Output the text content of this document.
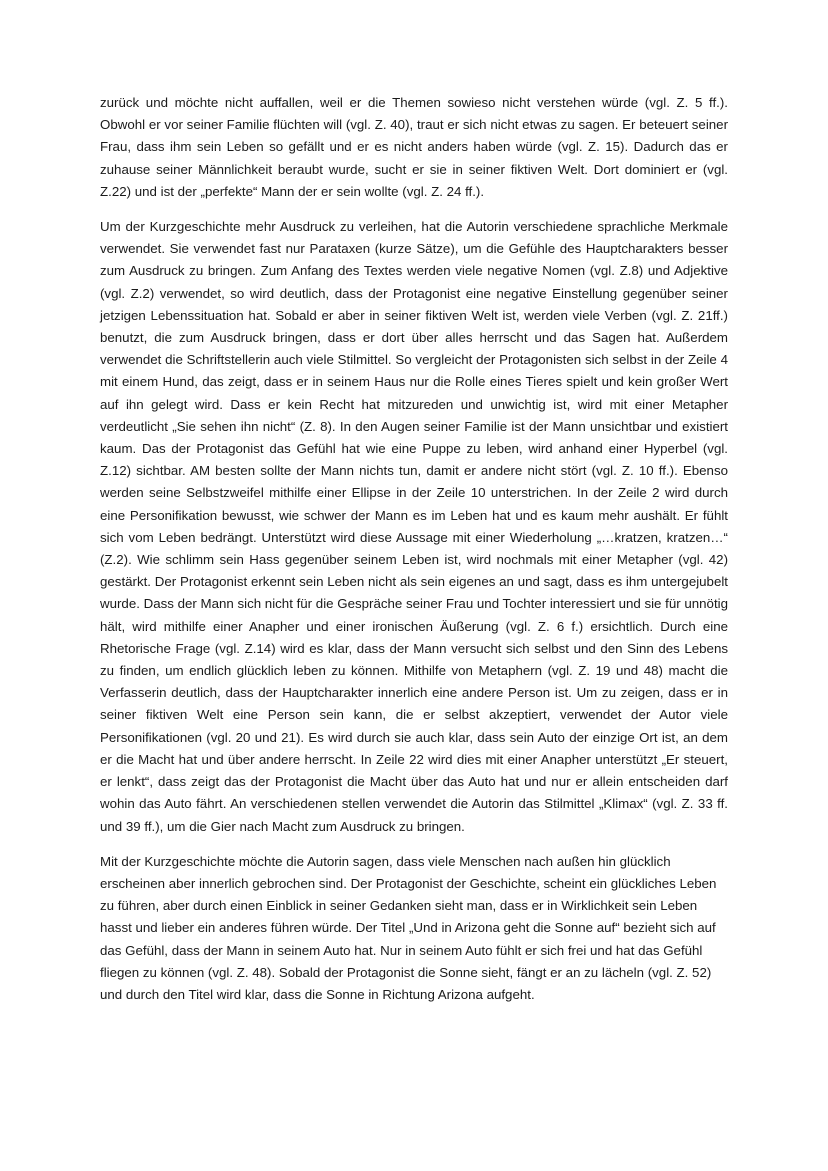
zurück und möchte nicht auffallen, weil er die Themen sowieso nicht verstehen würde (vgl. Z. 5 ff.). Obwohl er vor seiner Familie flüchten will (vgl. Z. 40), traut er sich nicht etwas zu sagen. Er beteuert seiner Frau, dass ihm sein Leben so gefällt und er es nicht anders haben würde (vgl. Z. 15). Dadurch das er zuhause seiner Männlichkeit beraubt wurde, sucht er sie in seiner fiktiven Welt. Dort dominiert er (vgl. Z.22) und ist der „perfekte“ Mann der er sein wollte (vgl. Z. 24 ff.).

Um der Kurzgeschichte mehr Ausdruck zu verleihen, hat die Autorin verschiedene sprachliche Merkmale verwendet. Sie verwendet fast nur Parataxen (kurze Sätze), um die Gefühle des Hauptcharakters besser zum Ausdruck zu bringen. Zum Anfang des Textes werden viele negative Nomen (vgl. Z.8) und Adjektive (vgl. Z.2) verwendet, so wird deutlich, dass der Protagonist eine negative Einstellung gegenüber seiner jetzigen Lebenssituation hat. Sobald er aber in seiner fiktiven Welt ist, werden viele Verben (vgl. Z. 21ff.) benutzt, die zum Ausdruck bringen, dass er dort über alles herrscht und das Sagen hat. Außerdem verwendet die Schriftstellerin auch viele Stilmittel. So vergleicht der Protagonisten sich selbst in der Zeile 4 mit einem Hund, das zeigt, dass er in seinem Haus nur die Rolle eines Tieres spielt und kein großer Wert auf ihn gelegt wird. Dass er kein Recht hat mitzureden und unwichtig ist, wird mit einer Metapher verdeutlicht „Sie sehen ihn nicht“ (Z. 8). In den Augen seiner Familie ist der Mann unsichtbar und existiert kaum. Das der Protagonist das Gefühl hat wie eine Puppe zu leben, wird anhand einer Hyperbel (vgl. Z.12) sichtbar. AM besten sollte der Mann nichts tun, damit er andere nicht stört (vgl. Z. 10 ff.). Ebenso werden seine Selbstzweifel mithilfe einer Ellipse in der Zeile 10 unterstrichen. In der Zeile 2 wird durch eine Personifikation bewusst, wie schwer der Mann es im Leben hat und es kaum mehr aushält. Er fühlt sich vom Leben bedrängt. Unterstützt wird diese Aussage mit einer Wiederholung „…kratzen, kratzen…“ (Z.2). Wie schlimm sein Hass gegenüber seinem Leben ist, wird nochmals mit einer Metapher (vgl. 42) gestärkt. Der Protagonist erkennt sein Leben nicht als sein eigenes an und sagt, dass es ihm untergejubelt wurde. Dass der Mann sich nicht für die Gespräche seiner Frau und Tochter interessiert und sie für unnötig hält, wird mithilfe einer Anapher und einer ironischen Äußerung (vgl. Z. 6 f.) ersichtlich. Durch eine Rhetorische Frage (vgl. Z.14) wird es klar, dass der Mann versucht sich selbst und den Sinn des Lebens zu finden, um endlich glücklich leben zu können. Mithilfe von Metaphern (vgl. Z. 19 und 48) macht die Verfasserin deutlich, dass der Hauptcharakter innerlich eine andere Person ist. Um zu zeigen, dass er in seiner fiktiven Welt eine Person sein kann, die er selbst akzeptiert, verwendet der Autor viele Personifikationen (vgl. 20 und 21). Es wird durch sie auch klar, dass sein Auto der einzige Ort ist, an dem er die Macht hat und über andere herrscht. In Zeile 22 wird dies mit einer Anapher unterstützt „Er steuert, er lenkt“, dass zeigt das der Protagonist die Macht über das Auto hat und nur er allein entscheiden darf wohin das Auto fährt. An verschiedenen stellen verwendet die Autorin das Stilmittel „Klimax“ (vgl. Z. 33 ff. und 39 ff.), um die Gier nach Macht zum Ausdruck zu bringen.

Mit der Kurzgeschichte möchte die Autorin sagen, dass viele Menschen nach außen hin glücklich erscheinen aber innerlich gebrochen sind. Der Protagonist der Geschichte, scheint ein glückliches Leben zu führen, aber durch einen Einblick in seiner Gedanken sieht man, dass er in Wirklichkeit sein Leben hasst und lieber ein anderes führen würde. Der Titel „Und in Arizona geht die Sonne auf“ bezieht sich auf das Gefühl, dass der Mann in seinem Auto hat. Nur in seinem Auto fühlt er sich frei und hat das Gefühl fliegen zu können (vgl. Z. 48). Sobald der Protagonist die Sonne sieht, fängt er an zu lächeln (vgl. Z. 52) und durch den Titel wird klar, dass die Sonne in Richtung Arizona aufgeht.
